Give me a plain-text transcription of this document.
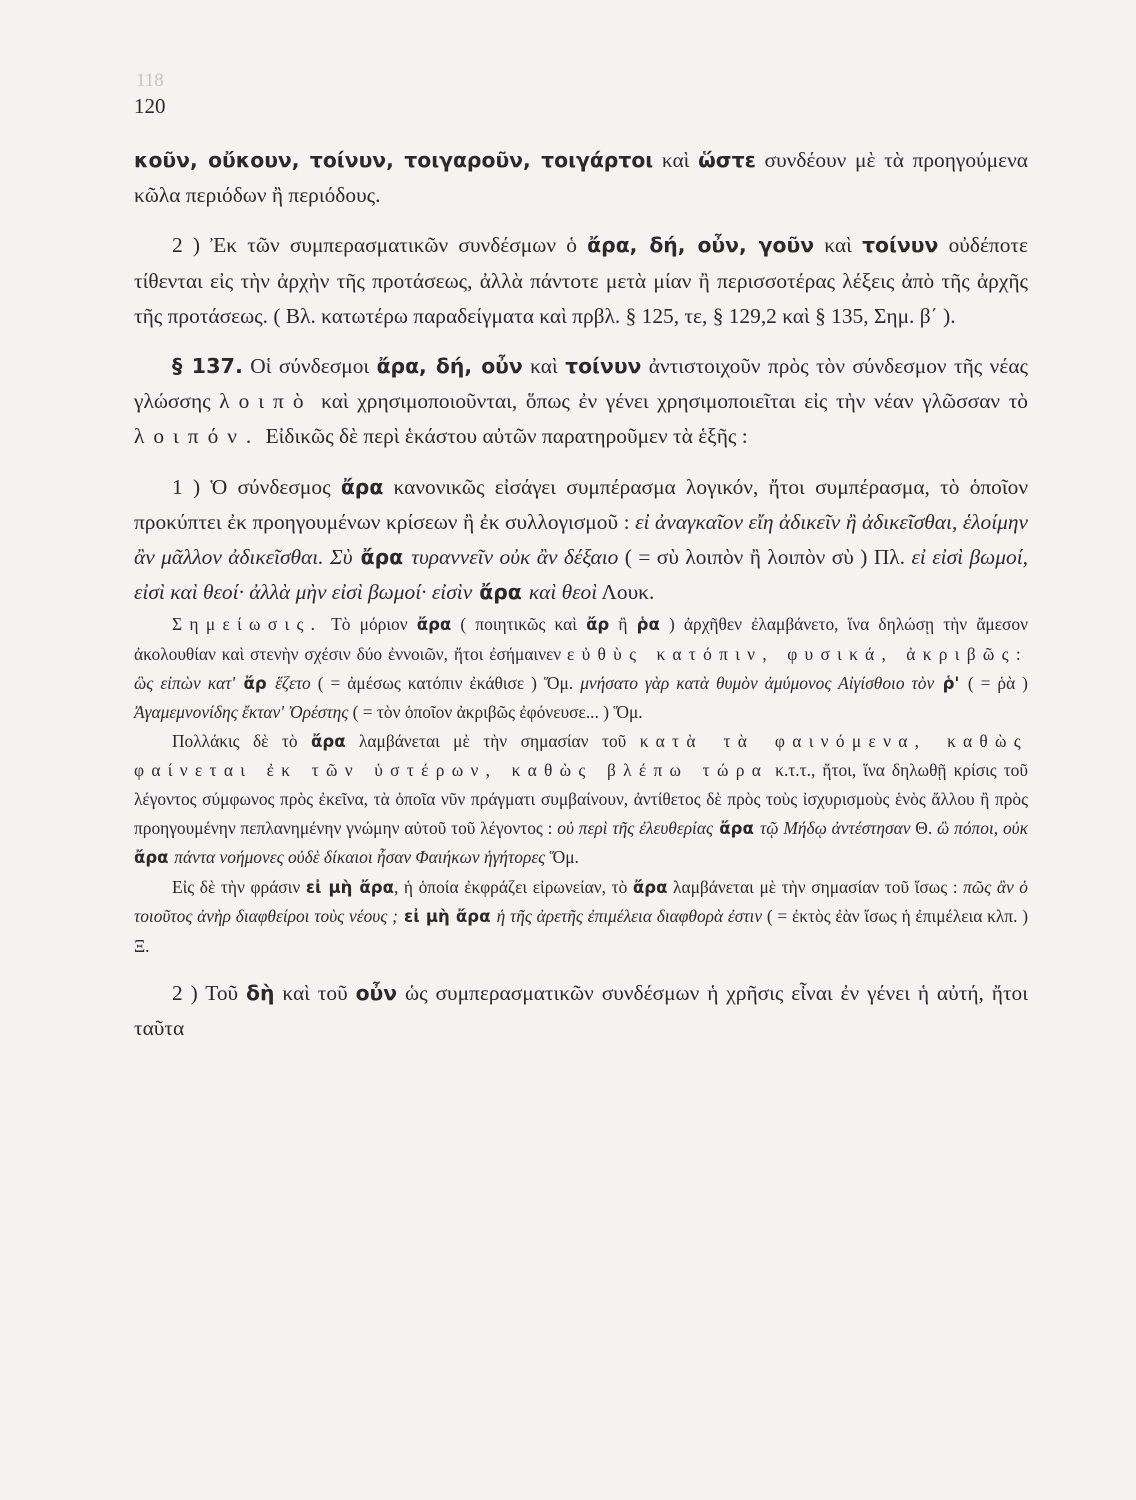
118
120

κοῦν, οὔκουν, τοίνυν, τοιγαροῦν, τοιγάρτοι καὶ ὥστε συνδέουν μὲ τὰ προηγούμενα κῶλα περιόδων ἢ περιόδους.

2 ) Ἐκ τῶν συμπερασματικῶν συνδέσμων ὁ ἄρα, δή, οὖν, γοῦν καὶ τοίνυν οὐδέποτε τίθενται εἰς τὴν ἀρχὴν τῆς προτάσεως, ἀλλὰ πάντοτε μετὰ μίαν ἢ περισσοτέρας λέξεις ἀπὸ τῆς ἀρχῆς τῆς προτάσεως. ( Βλ. κατωτέρω παραδείγματα καὶ πρβλ. § 125, τε, § 129,2 καὶ § 135, Σημ. β΄ ).

§ 137. Οἱ σύνδεσμοι ἄρα, δή, οὖν καὶ τοίνυν ἀντιστοιχοῦν πρὸς τὸν σύνδεσμον τῆς νέας γλώσσης λοιπὸ καὶ χρησιμοποιοῦνται, ὅπως ἐν γένει χρησιμοποιεῖται εἰς τὴν νέαν γλῶσσαν τὸ λοιπόν. Εἰδικῶς δὲ περὶ ἑκάστου αὐτῶν παρατηροῦμεν τὰ ἑξῆς :

1 ) Ὁ σύνδεσμος ἄρα κανονικῶς εἰσάγει συμπέρασμα λογικόν, ἤτοι συμπέρασμα, τὸ ὁποῖον προκύπτει ἐκ προηγουμένων κρίσεων ἢ ἐκ συλλογισμοῦ : εἰ ἀναγκαῖον εἴη ἀδικεῖν ἢ ἀδικεῖσθαι, ἑλοίμην ἂν μᾶλλον ἀδικεῖσθαι. Σὺ ἄρα τυραννεῖν οὐκ ἂν δέξαιο ( = σὺ λοιπὸν ἢ λοιπὸν σὺ ) Πλ. εἰ εἰσὶ βωμοί, εἰσὶ καὶ θεοί· ἀλλὰ μὴν εἰσὶ βωμοί· εἰσὶν ἄρα καὶ θεοὶ Λουκ.

Σημείωσις. Τὸ μόριον ἄρα ( ποιητικῶς καὶ ἄρ ἢ ῥα ) ἀρχῆθεν ἐλαμβάνετο, ἵνα δηλώσῃ τὴν ἄμεσον ἀκολουθίαν καὶ στενὴν σχέσιν δύο ἐννοιῶν, ἤτοι ἐσήμαινεν εὐθὺς κατόπιν, φυσικά, ἀκριβῶς: ὣς εἰπὼν κατ' ἄρ ἕζετο ( = ἀμέσως κατόπιν ἐκάθισε ) Ὅμ. μνήσατο γὰρ κατὰ θυμὸν ἀμύμονος Αἰγίσθοιο τὸν ῥ' ( = ῥὰ ) Ἀγαμεμνονίδης ἔκταν' Ὀρέστης ( = τὸν ὁποῖον ἀκριβῶς ἐφόνευσε... ) Ὅμ.

Πολλάκις δὲ τὸ ἄρα λαμβάνεται μὲ τὴν σημασίαν τοῦ κατὰ τὰ φαινόμενα, καθὼς φαίνεται ἐκ τῶν ὑστέρων, καθὼς βλέπω τώρα κ.τ.τ., ἤτοι, ἵνα δηλωθῇ κρίσις τοῦ λέγοντος σύμφωνος πρὸς ἐκεῖνα, τὰ ὁποῖα νῦν πράγματι συμβαίνουν, ἀντίθετος δὲ πρὸς τοὺς ἰσχυρισμοὺς ἑνὸς ἄλλου ἢ πρὸς προηγουμένην πεπλανημένην γνώμην αὐτοῦ τοῦ λέγοντος : οὐ περὶ τῆς ἐλευθερίας ἄρα τῷ Μήδῳ ἀντέστησαν Θ. ὢ πόποι, οὐκ ἄρα πάντα νοήμονες οὐδὲ δίκαιοι ἦσαν Φαιήκων ἡγήτορες Ὅμ.

Εἰς δὲ τὴν φράσιν εἰ μὴ ἄρα, ἡ ὁποία ἐκφράζει εἰρωνείαν, τὸ ἄρα λαμβάνεται μὲ τὴν σημασίαν τοῦ ἴσως : πῶς ἂν ὁ τοιοῦτος ἀνὴρ διαφθείροι τοὺς νέους ; εἰ μὴ ἄρα ἡ τῆς ἀρετῆς ἐπιμέλεια διαφθορὰ ἐστιν ( = ἐκτὸς ἐὰν ἴσως ἡ ἐπιμέλεια κλπ. ) Ξ.

2 ) Τοῦ δὴ καὶ τοῦ οὖν ὡς συμπερασματικῶν συνδέσμων ἡ χρῆσις εἶναι ἐν γένει ἡ αὐτή, ἤτοι ταῦτα
